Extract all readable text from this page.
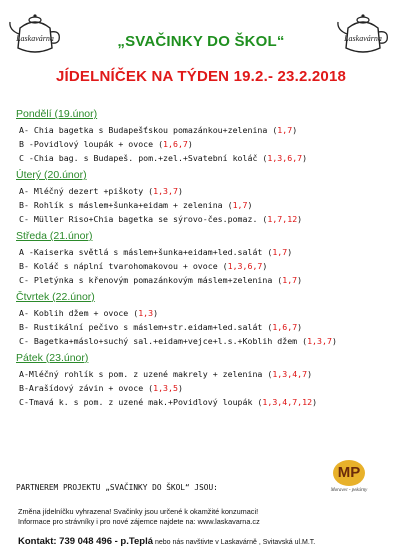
Laskavárna	Laskavárna
„SVAČINKY DO ŠKOL“
JÍDELNÍČEK NA TÝDEN 19.2.- 23.2.2018
Pondělí (19.únor)
A- Chia bagetka s Budapešťskou pomazánkou+zelenina (1,7)
B -Povidlový loupák + ovoce (1,6,7)
C -Chia bag. s Budapeš. pom.+zel.+Svatební koláč (1,3,6,7)
Úterý (20.únor)
A- Mléčný dezert +piškoty (1,3,7)
B- Rohlík s máslem+šunka+eidam + zelenina (1,7)
C- Müller Riso+Chia bagetka se sýrovo-čes.pomaz. (1,7,12)
Středa (21.únor)
A -Kaiserka světlá s máslem+šunka+eidam+led.salát (1,7)
B- Koláč s náplní tvarohomakovou + ovoce (1,3,6,7)
C- Pletýnka s křenovým pomazánkovým máslem+zelenina (1,7)
Čtvrtek (22.únor)
A- Koblih džem + ovoce (1,3)
B- Rustikální pečivo s máslem+str.eidam+led.salát (1,6,7)
C- Bagetka+máslo+suchý sal.+eidam+vejce+l.s.+Koblih džem (1,3,7)
Pátek (23.únor)
A-Mléčný rohlík s pom. z uzené makrely + zelenina (1,3,4,7)
B-Arašídový závin + ovoce (1,3,5)
C-Tmavá k. s pom. z uzené mak.+Povidlový loupák (1,3,4,7,12)
MP
Moravec - pekárny
PARTNEREM PROJEKTU „SVAČINKY DO ŠKOL“ JSOU:
Změna jídelníčku vyhrazena! Svačinky jsou určené k okamžité konzumaci!
Informace pro strávníky i pro nové zájemce najdete na: www.laskavarna.cz
Kontakt: 739 048 496 - p.Teplá nebo nás navštivte v Laskavárně , Svitavská ul.M.T.
